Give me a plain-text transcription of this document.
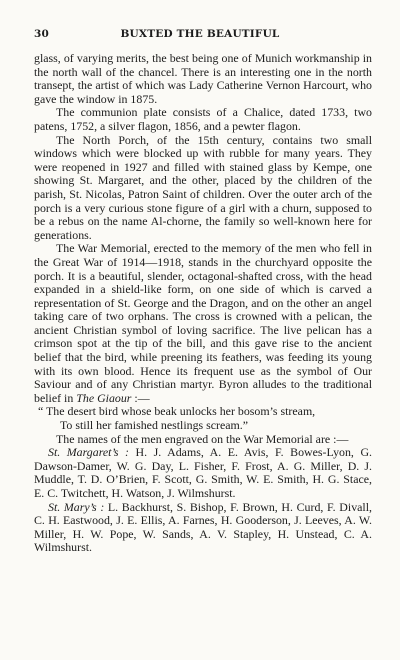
30	BUXTED THE BEAUTIFUL

glass, of varying merits, the best being one of Munich workmanship in the north wall of the chancel. There is an interesting one in the north transept, the artist of which was Lady Catherine Vernon Harcourt, who gave the window in 1875.

The communion plate consists of a Chalice, dated 1733, two patens, 1752, a silver flagon, 1856, and a pewter flagon.

The North Porch, of the 15th century, contains two small windows which were blocked up with rubble for many years. They were reopened in 1927 and filled with stained glass by Kempe, one showing St. Margaret, and the other, placed by the children of the parish, St. Nicolas, Patron Saint of children. Over the outer arch of the porch is a very curious stone figure of a girl with a churn, supposed to be a rebus on the name Al-chorne, the family so well-known here for generations.

The War Memorial, erected to the memory of the men who fell in the Great War of 1914—1918, stands in the churchyard opposite the porch. It is a beautiful, slender, octagonal-shafted cross, with the head expanded in a shield-like form, on one side of which is carved a representation of St. George and the Dragon, and on the other an angel taking care of two orphans. The cross is crowned with a pelican, the ancient Christian symbol of loving sacrifice. The live pelican has a crimson spot at the tip of the bill, and this gave rise to the ancient belief that the bird, while preening its feathers, was feeding its young with its own blood. Hence its frequent use as the symbol of Our Saviour and of any Christian martyr. Byron alludes to the traditional belief in The Giaour :—

“ The desert bird whose beak unlocks her bosom’s stream,
To still her famished nestlings scream.”

The names of the men engraved on the War Memorial are :—

St. Margaret’s : H. J. Adams, A. E. Avis, F. Bowes-Lyon, G. Dawson-Damer, W. G. Day, L. Fisher, F. Frost, A. G. Miller, D. J. Muddle, T. D. O’Brien, F. Scott, G. Smith, W. E. Smith, H. G. Stace, E. C. Twitchett, H. Watson, J. Wilmshurst.

St. Mary’s : L. Backhurst, S. Bishop, F. Brown, H. Curd, F. Divall, C. H. Eastwood, J. E. Ellis, A. Farnes, H. Gooderson, J. Leeves, A. W. Miller, H. W. Pope, W. Sands, A. V. Stapley, H. Unstead, C. A. Wilmshurst.
